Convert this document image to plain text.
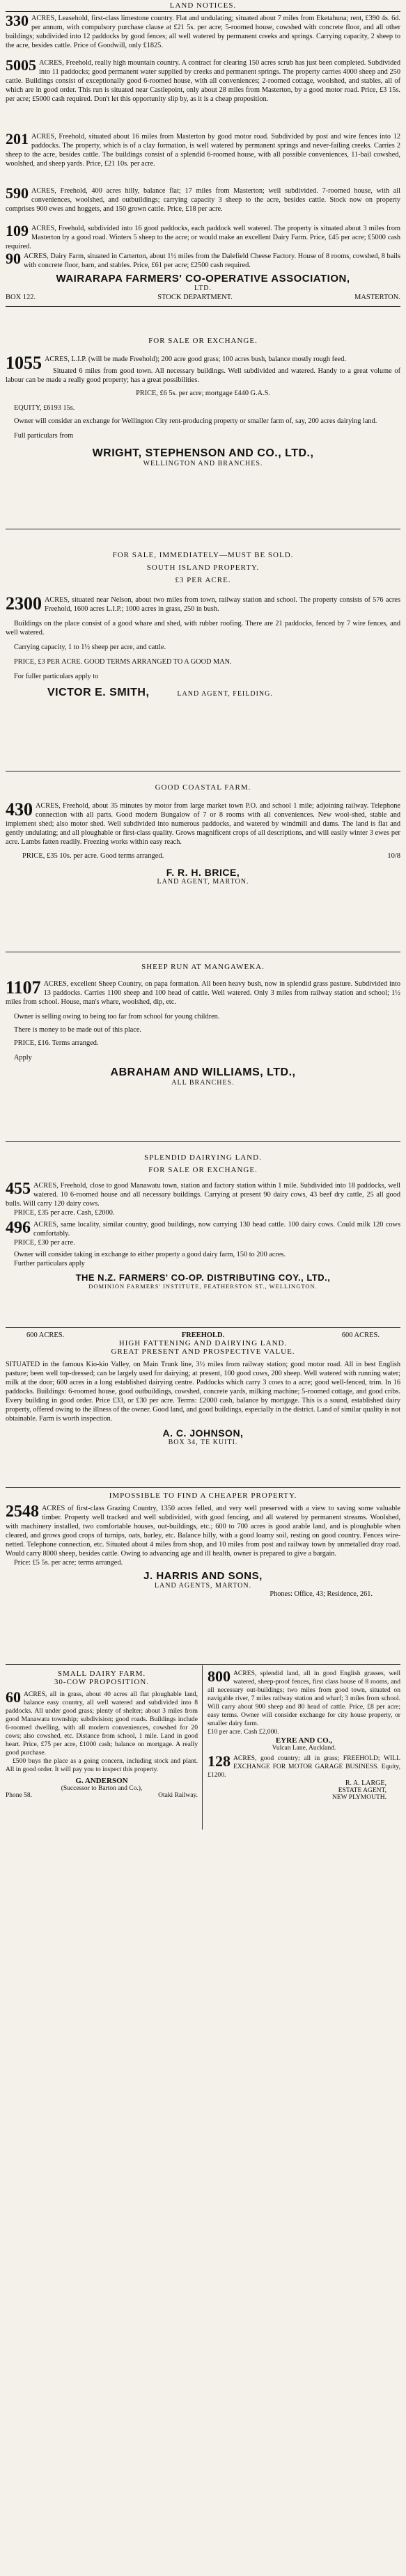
LAND NOTICES.

330 ACRES, Leasehold, first-class limestone country. Flat and undulating; situated about 7 miles from Eketahuna; rent, £390 4s. 6d. per annum, with compulsory purchase clause at £21 5s. per acre; 5-roomed house, cowshed with concrete floor, and all other buildings; subdivided into 12 paddocks by good fences; all well watered by permanent creeks and springs. Carrying capacity, 2 sheep to the acre, besides cattle. Price of Goodwill, only £1825.

5005 ACRES, Freehold, really high mountain country. A contract for clearing 150 acres scrub has just been completed. Subdivided into 11 paddocks; good permanent water supplied by creeks and permanent springs. The property carries 4000 sheep and 250 cattle. Buildings consist of exceptionally good 6-roomed house, with all conveniences; 2-roomed cottage, woolshed, and stables, all of which are in good order. This run is situated near Castlepoint, only about 28 miles from Masterton, by a good motor road. Price, £3 15s. per acre; £5000 cash required. Don't let this opportunity slip by, as it is a cheap proposition.

201 ACRES, Freehold, situated about 16 miles from Masterton by good motor road. Subdivided by post and wire fences into 12 paddocks. The property, which is of a clay formation, is well watered by permanent springs and never-failing creeks. Carries 2 sheep to the acre, besides cattle. The buildings consist of a splendid 6-roomed house, with all possible conveniences, 11-bail cowshed, woolshed, and sheep yards. Price, £21 10s. per acre.

590 ACRES, Freehold, 400 acres hilly, balance flat; 17 miles from Masterton; well subdivided. 7-roomed house, with all conveniences, woolshed, and outbuildings; carrying capacity 3 sheep to the acre, besides cattle. Stock now on property comprises 900 ewes and hoggets, and 150 grown cattle. Price, £18 per acre.

109 ACRES, Freehold, subdivided into 16 good paddocks, each paddock well watered. The property is situated about 3 miles from Masterton by a good road. Winters 5 sheep to the acre; or would make an excellent Dairy Farm. Price, £45 per acre; £5000 cash required.

90 ACRES, Dairy Farm, situated in Carterton, about 1½ miles from the Dalefield Cheese Factory. House of 8 rooms, cowshed, 8 bails with concrete floor, barn, and stables. Price, £61 per acre; £2500 cash required.

WAIRARAPA FARMERS' CO-OPERATIVE ASSOCIATION,
LTD.
BOX 122.	STOCK DEPARTMENT.	MASTERTON.

FOR SALE OR EXCHANGE.

1055 ACRES, L.I.P. (will be made Freehold); 200 acre good grass; 100 acres bush, balance mostly rough feed.

Situated 6 miles from good town. All necessary buildings. Well subdivided and watered. Handy to a great volume of labour can be made a really good property; has a great possibilities.

PRICE, £6 5s. per acre; mortgage £440 G.A.S.

EQUITY, £6193 15s.

Owner will consider an exchange for Wellington City rent-producing property or smaller farm of, say, 200 acres dairying land.

Full particulars from

WRIGHT, STEPHENSON AND CO., LTD.,
WELLINGTON AND BRANCHES.

FOR SALE, IMMEDIATELY—MUST BE SOLD.

SOUTH ISLAND PROPERTY.

£3 PER ACRE.

2300 ACRES, situated near Nelson, about two miles from town, railway station and school. The property consists of 576 acres Freehold, 1600 acres L.I.P.; 1000 acres in grass, 250 in bush.

Buildings on the place consist of a good whare and shed, with rubber roofing. There are 21 paddocks, fenced by 7 wire fences, and well watered.

Carrying capacity, 1 to 1½ sheep per acre, and cattle.

PRICE, £3 PER ACRE. GOOD TERMS ARRANGED TO A GOOD MAN.

For fuller particulars apply to

VICTOR E. SMITH,	LAND AGENT, FEILDING.

GOOD COASTAL FARM.

430 ACRES, Freehold, about 35 minutes by motor from large market town P.O. and school 1 mile; adjoining railway. Telephone connection with all parts. Good modern Bungalow of 7 or 8 rooms with all conveniences. New wool-shed, stable and implement shed; also motor shed. Well subdivided into numerous paddocks, and watered by windmill and dams. The land is flat and gently undulating; and all ploughable or first-class quality. Grows magnificent crops of all descriptions, and will easily winter 3 ewes per acre. Lambs fatten readily. Freezing works within easy reach.

PRICE, £35 10s. per acre. Good terms arranged.	10/8
F. R. H. BRICE,
LAND AGENT, MARTON.

SHEEP RUN AT MANGAWEKA.

1107 ACRES, excellent Sheep Country, on papa formation. All been heavy bush, now in splendid grass pasture. Subdivided into 13 paddocks. Carries 1100 sheep and 100 head of cattle. Well watered. Only 3 miles from railway station and school; 1½ miles from school. House, man's whare, woolshed, dip, etc.

Owner is selling owing to being too far from school for young children.

There is money to be made out of this place.

PRICE, £16. Terms arranged.

Apply

ABRAHAM AND WILLIAMS, LTD.,
ALL BRANCHES.

SPLENDID DAIRYING LAND.

FOR SALE OR EXCHANGE.

455 ACRES, Freehold, close to good Manawatu town, station and factory station within 1 mile. Subdivided into 18 paddocks, well watered. 10 6-roomed house and all necessary buildings. Carrying at present 90 dairy cows, 43 beef dry cattle, 25 all good bulls. Will carry 120 dairy cows.

PRICE, £35 per acre. Cash, £2000.

496 ACRES, same locality, similar country, good buildings, now carrying 130 head cattle. 100 dairy cows. Could milk 120 cows comfortably.

PRICE, £30 per acre.

Owner will consider taking in exchange to either property a good dairy farm, 150 to 200 acres.

Further particulars apply

THE N.Z. FARMERS' CO-OP. DISTRIBUTING COY., LTD.,
DOMINION FARMERS' INSTITUTE, FEATHERSTON ST., WELLINGTON.
600 ACRES.	FREEHOLD.	600 ACRES.

HIGH FATTENING AND DAIRYING LAND.

GREAT PRESENT AND PROSPECTIVE VALUE.

SITUATED in the famous Kio-kio Valley, on Main Trunk line, 3½ miles from railway station; good motor road. All in best English pasture; been well top-dressed; can be largely used for dairying; at present, 100 good cows, 200 sheep. Well watered with running water; milk at the door; 600 acres in a long established dairying centre. Paddocks which carry 3 cows to a acre; good well-fenced, trim. In 16 paddocks. Buildings: 6-roomed house, good outbuildings, cowshed, concrete yards, milking machine; 5-roomed cottage, and good cribs. Every building in good order. Price £33, or £30 per acre. Terms: £2000 cash, balance by mortgage. This is a sound, established dairy property, offered owing to the illness of the owner. Good land, and good buildings, especially in the district. Land of similar quality is not obtainable. Farm is worth inspection.

A. C. JOHNSON,
BOX 34, TE KUITI.

IMPOSSIBLE TO FIND A CHEAPER PROPERTY.

2548 ACRES of first-class Grazing Country, 1350 acres felled, and very well preserved with a view to saving some valuable timber. Property well tracked and well subdivided, with good fencing, and all watered by permanent streams. Woolshed, with machinery installed, two comfortable houses, out-buildings, etc.; 600 to 700 acres is good arable land, and is ploughable when cleared, and grows good crops of turnips, oats, barley, etc. Balance hilly, with a good loamy soil, resting on good country. Fences wire-netted. Telephone connection, etc. Situated about 4 miles from shop, and 10 miles from post and railway town by unmetalled dray road. Would carry 8000 sheep, besides cattle. Owing to advancing age and ill health, owner is prepared to give a bargain.

Price: £5 5s. per acre; terms arranged.

J. HARRIS AND SONS,
LAND AGENTS, MARTON.

Phones: Office, 43; Residence, 261.

SMALL DAIRY FARM.

30-COW PROPOSITION.

60 ACRES, all in grass, about 40 acres all flat ploughable land, balance easy country, all well watered and subdivided into 8 paddocks. All under good grass; plenty of shelter; about 3 miles from good Manawatu township; subdivision; good roads. Buildings include 6-roomed dwelling, with all modern conveniences, cowshed for 20 cows; also cowshed, etc. Distance from school, 1 mile. Land in good heart. Price, £75 per acre, £1000 cash; balance on mortgage. A really good purchase.

£500 buys the place as a going concern, including stock and plant. All in good order. It will pay you to inspect this property.

G. ANDERSON
(Successor to Barton and Co.),
Phone 58.	Otaki Railway.

800 ACRES, splendid land, all in good English grasses, well watered, sheep-proof fences, first class house of 8 rooms, and all necessary out-buildings; two miles from good town, situated on navigable river, 7 miles railway station and wharf; 3 miles from school. Will carry about 900 sheep and 80 head of cattle. Price, £8 per acre; easy terms. Owner will consider exchange for city house property, or smaller dairy farm.

£10 per acre. Cash £2,000.

EYRE AND CO.,
Vulcan Lane, Auckland.

128 ACRES, good country; all in grass; FREEHOLD; WILL EXCHANGE FOR MOTOR GARAGE BUSINESS. Equity, £1200.

R. A. LARGE,
ESTATE AGENT,
NEW PLYMOUTH.
